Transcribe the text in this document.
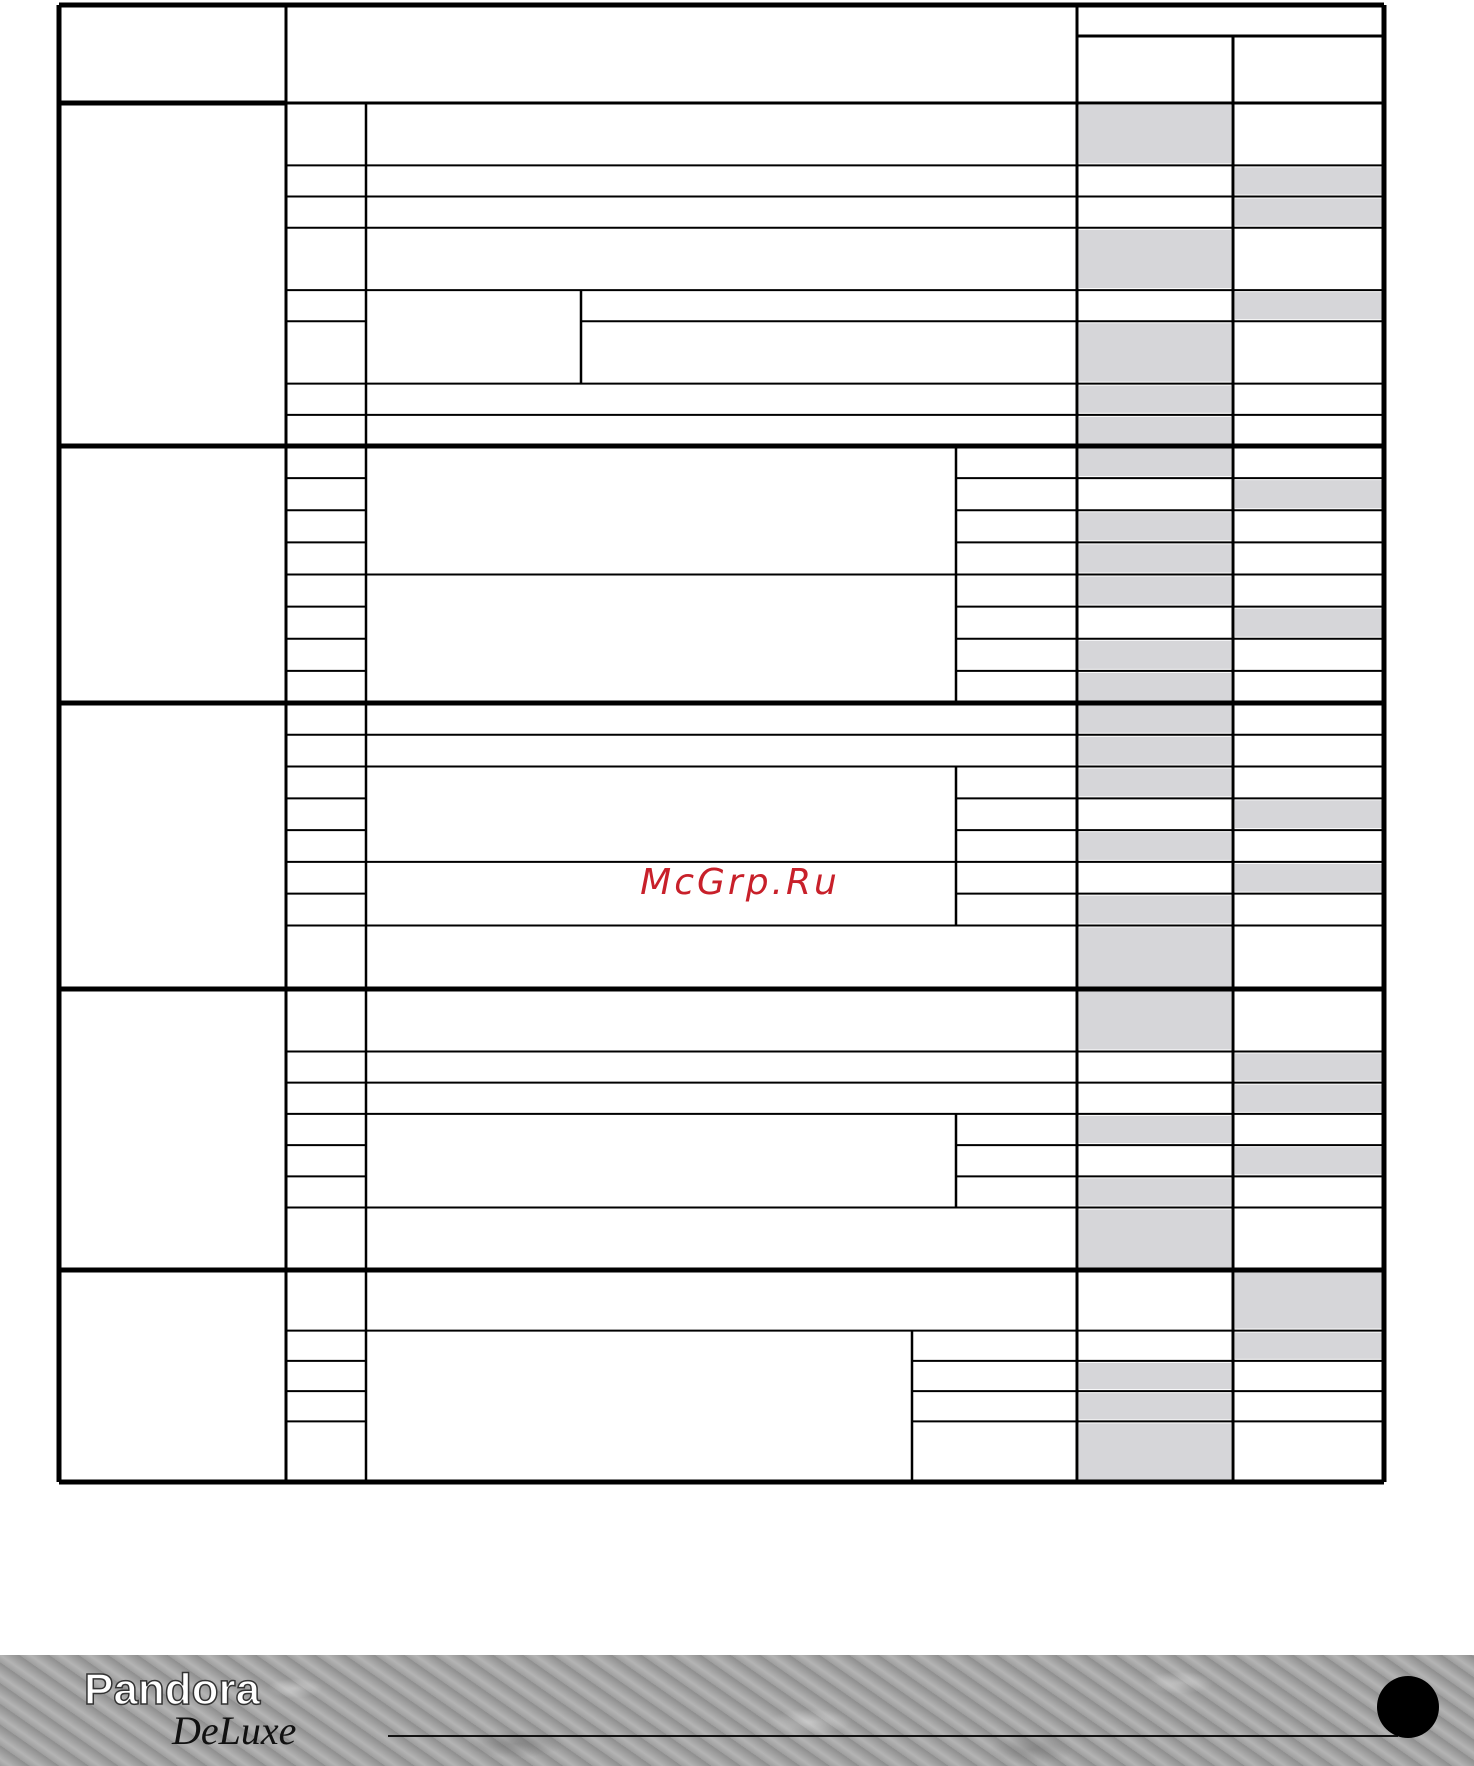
McGrp.Ru
Pandora
DeLuxe
